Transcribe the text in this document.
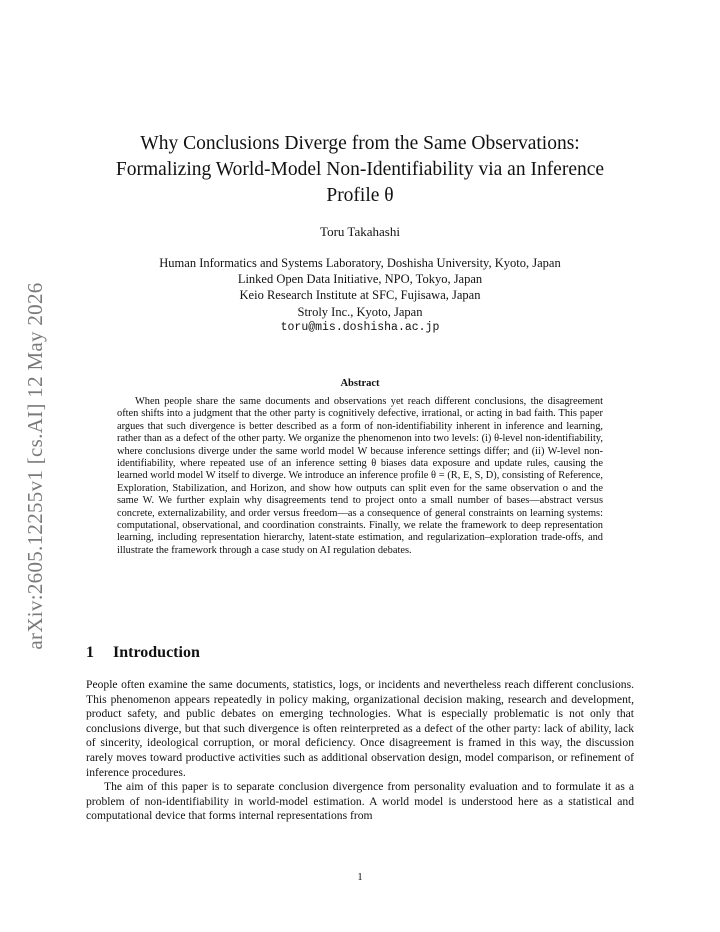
arXiv:2605.12255v1 [cs.AI] 12 May 2026
Why Conclusions Diverge from the Same Observations:
Formalizing World-Model Non-Identifiability via an Inference
Profile θ
Toru Takahashi
Human Informatics and Systems Laboratory, Doshisha University, Kyoto, Japan
Linked Open Data Initiative, NPO, Tokyo, Japan
Keio Research Institute at SFC, Fujisawa, Japan
Stroly Inc., Kyoto, Japan
toru@mis.doshisha.ac.jp
Abstract

When people share the same documents and observations yet reach different conclusions, the disagreement often shifts into a judgment that the other party is cognitively defective, irrational, or acting in bad faith. This paper argues that such divergence is better described as a form of non-identifiability inherent in inference and learning, rather than as a defect of the other party. We organize the phenomenon into two levels: (i) θ-level non-identifiability, where conclusions diverge under the same world model W because inference settings differ; and (ii) W-level non-identifiability, where repeated use of an inference setting θ biases data exposure and update rules, causing the learned world model W itself to diverge. We introduce an inference profile θ = (R, E, S, D), consisting of Reference, Exploration, Stabilization, and Horizon, and show how outputs can split even for the same observation o and the same W. We further explain why disagreements tend to project onto a small number of bases—abstract versus concrete, externalizability, and order versus freedom—as a consequence of general constraints on learning systems: computational, observational, and coordination constraints. Finally, we relate the framework to deep representation learning, including representation hierarchy, latent-state estimation, and regularization–exploration trade-offs, and illustrate the framework through a case study on AI regulation debates.

1 Introduction

People often examine the same documents, statistics, logs, or incidents and nevertheless reach different conclusions. This phenomenon appears repeatedly in policy making, organizational decision making, research and development, product safety, and public debates on emerging technologies. What is especially problematic is not only that conclusions diverge, but that such divergence is often reinterpreted as a defect of the other party: lack of ability, lack of sincerity, ideological corruption, or moral deficiency. Once disagreement is framed in this way, the discussion rarely moves toward productive activities such as additional observation design, model comparison, or refinement of inference procedures.

The aim of this paper is to separate conclusion divergence from personality evaluation and to formulate it as a problem of non-identifiability in world-model estimation. A world model is understood here as a statistical and computational device that forms internal representations from

1
